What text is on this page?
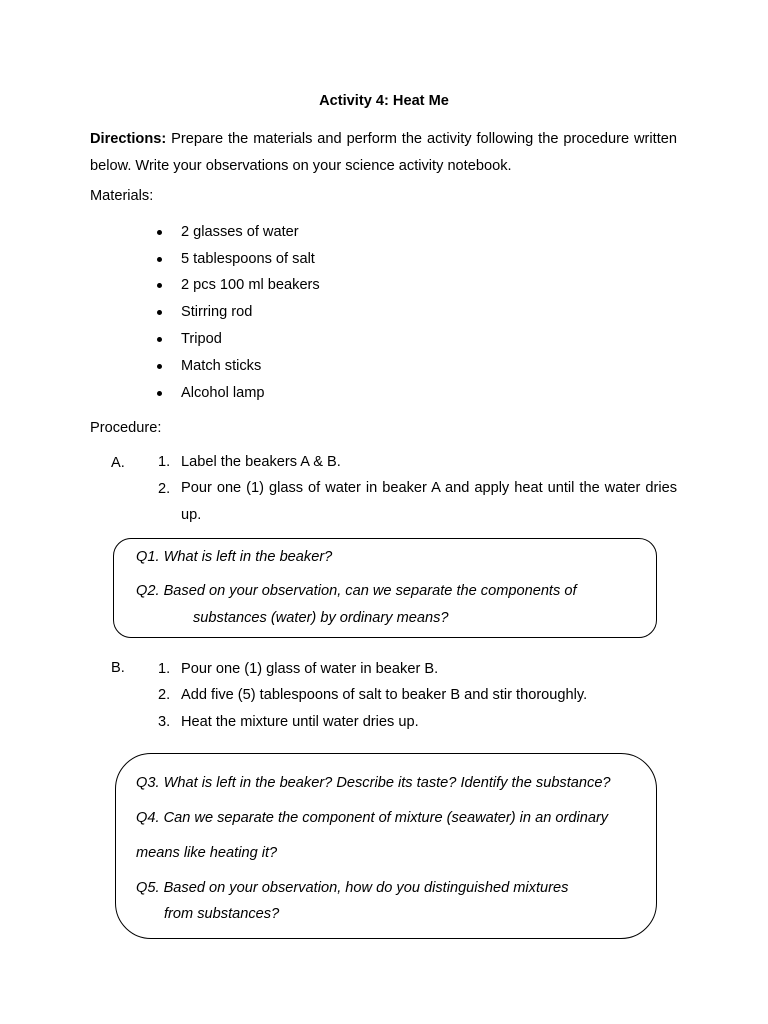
Activity 4: Heat Me
Directions: Prepare the materials and perform the activity following the procedure written below. Write your observations on your science activity notebook.
Materials:
2 glasses of water
5 tablespoons of salt
2 pcs 100 ml beakers
Stirring rod
Tripod
Match sticks
Alcohol lamp
Procedure:
A. 1. Label the beakers A & B.
2. Pour one (1) glass of water in beaker A and apply heat until the water dries up.
Q1. What is left in the beaker?
Q2. Based on your observation, can we separate the components of
substances (water) by ordinary means?
B. 1. Pour one (1) glass of water in beaker B.
2. Add five (5) tablespoons of salt to beaker B and stir thoroughly.
3. Heat the mixture until water dries up.
Q3. What is left in the beaker? Describe its taste? Identify the substance?
Q4. Can we separate the component of mixture (seawater) in an ordinary
means like heating it?
Q5. Based on your observation, how do you distinguished mixtures
from substances?
